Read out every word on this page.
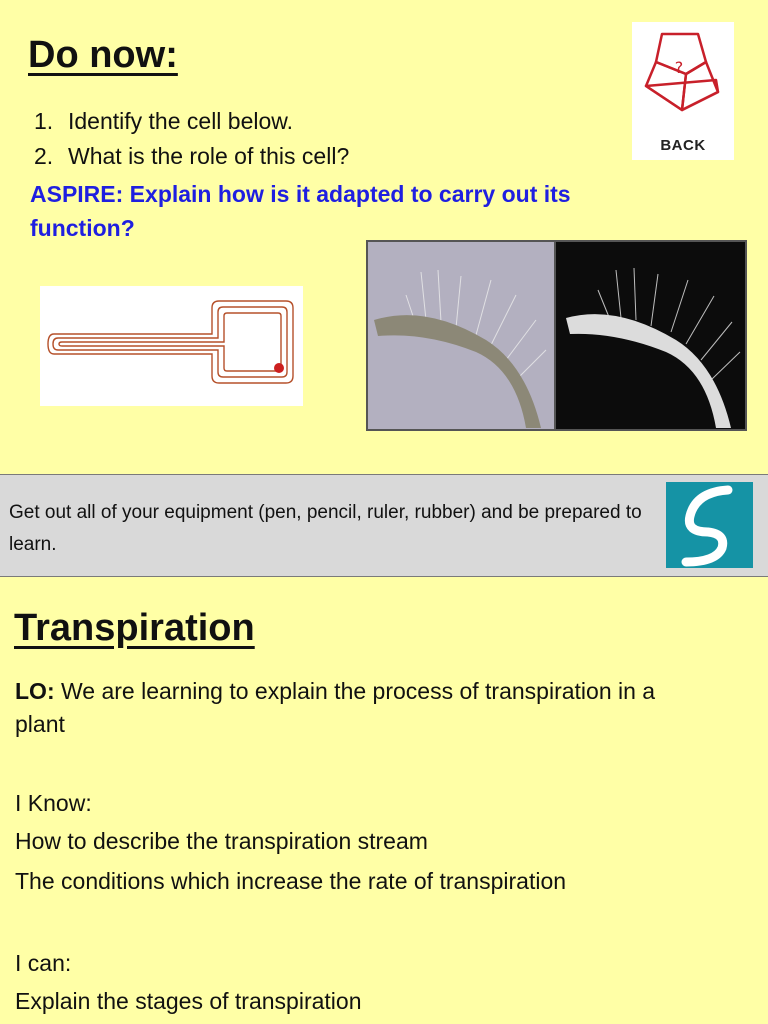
Do now:

1. Identify the cell below.

2. What is the role of this cell?

ASPIRE: Explain how is it adapted to carry out its function?

?
BACK

Get out all of your equipment (pen, pencil, ruler, rubber) and be prepared to learn.

Transpiration

LO: We are learning to explain the process of transpiration in a plant

I Know:

How to describe the transpiration stream

The conditions which increase the rate of transpiration

I can:

Explain the stages of transpiration
